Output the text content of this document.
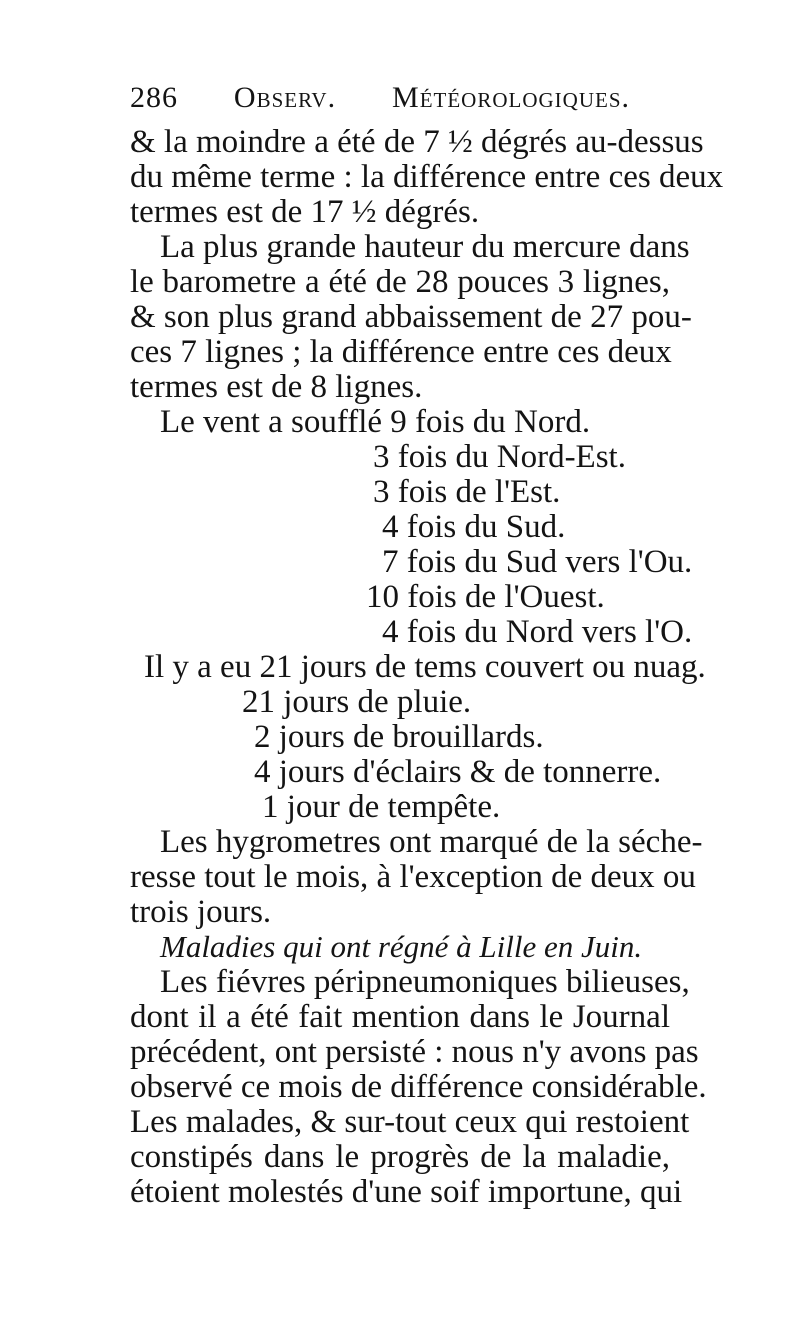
286 Observ. Météorologiques.
& la moindre a été de 7 ½ dégrés au-dessus
du même terme : la différence entre ces deux
termes est de 17 ½ dégrés.
La plus grande hauteur du mercure dans
le barometre a été de 28 pouces 3 lignes,
& son plus grand abbaissement de 27 pou-
ces 7 lignes ; la différence entre ces deux
termes est de 8 lignes.
Le vent a soufflé 9 fois du Nord.
3 fois du Nord-Est.
3 fois de l'Est.
4 fois du Sud.
7 fois du Sud vers l'Ou.
10 fois de l'Ouest.
4 fois du Nord vers l'O.
Il y a eu 21 jours de tems couvert ou nuag.
21 jours de pluie.
2 jours de brouillards.
4 jours d'éclairs & de tonnerre.
1 jour de tempête.
Les hygrometres ont marqué de la séche-
resse tout le mois, à l'exception de deux ou
trois jours.
Maladies qui ont régné à Lille en Juin.
Les fiévres péripneumoniques bilieuses,
dont il a été fait mention dans le Journal
précédent, ont persisté : nous n'y avons pas
observé ce mois de différence considérable.
Les malades, & sur-tout ceux qui restoient
constipés dans le progrès de la maladie,
étoient molestés d'une soif importune, qui
